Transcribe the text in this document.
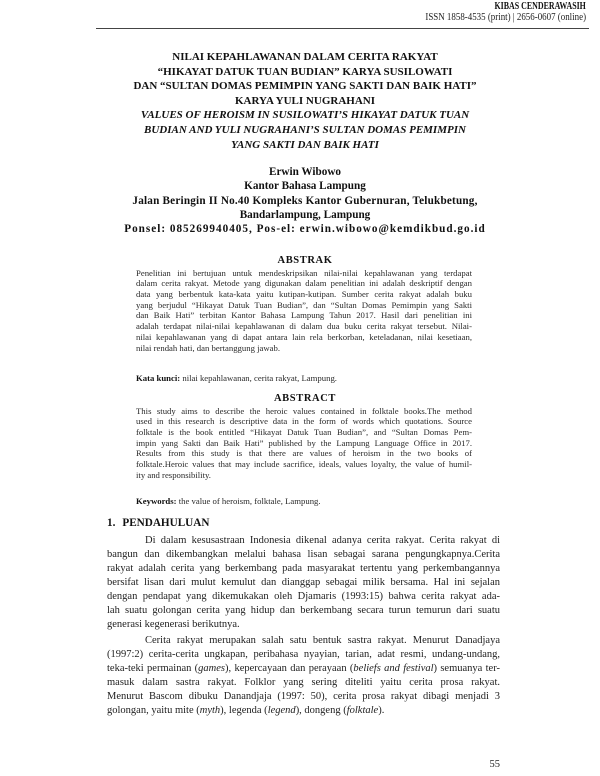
KIBAS CENDERAWASIH
ISSN 1858-4535 (print) | 2656-0607 (online)
NILAI KEPAHLAWANAN DALAM CERITA RAKYAT
“HIKAYAT DATUK TUAN BUDIAN” KARYA SUSILOWATI
DAN “SULTAN DOMAS PEMIMPIN YANG SAKTI DAN BAIK HATI”
KARYA YULI NUGRAHANI
VALUES OF HEROISM IN SUSILOWATI’S HIKAYAT DATUK TUAN
BUDIAN AND YULI NUGRAHANI’S SULTAN DOMAS PEMIMPIN
YANG SAKTI DAN BAIK HATI
Erwin Wibowo
Kantor Bahasa Lampung
Jalan Beringin II No.40 Kompleks Kantor Gubernuran, Telukbetung,
Bandarlampung, Lampung
Ponsel: 085269940405, Pos-el: erwin.wibowo@kemdikbud.go.id
ABSTRAK
Penelitian ini bertujuan untuk mendeskripsikan nilai-nilai kepahlawanan yang terdapat
dalam cerita rakyat. Metode yang digunakan dalam penelitian ini adalah deskriptif dengan
data yang berbentuk kata-kata yaitu kutipan-kutipan. Sumber cerita rakyat adalah buku
yang berjudul “Hikayat Datuk Tuan Budian”, dan “Sultan Domas Pemimpin yang Sakti
dan Baik Hati” terbitan Kantor Bahasa Lampung Tahun 2017. Hasil dari penelitian ini
adalah terdapat nilai-nilai kepahlawanan di dalam dua buku cerita rakyat tersebut. Nilai-
nilai kepahlawanan yang di dapat antara lain rela berkorban, keteladanan, nilai kesetiaan,
nilai rendah hati, dan bertanggung jawab.
Kata kunci: nilai kepahlawanan, cerita rakyat, Lampung.
ABSTRACT
This study aims to describe the heroic values contained in folktale books.The method
used in this research is descriptive data in the form of words which quotations. Source
folktale is the book entitled “Hikayat Datuk Tuan Budian”, and “Sultan Domas Pem-
impin yang Sakti dan Baik Hati” published by the Lampung Language Office in 2017.
Results from this study is that there are values of heroism in the two books of
folktale.Heroic values that may include sacrifice, ideals, values loyalty, the value of humil-
ity and responsibility.
Keywords: the value of heroism, folktale, Lampung.
1. PENDAHULUAN
Di dalam kesusastraan Indonesia dikenal adanya cerita rakyat. Cerita rakyat di
bangun dan dikembangkan melalui bahasa lisan sebagai sarana pengungkapnya.Cerita
rakyat adalah cerita yang berkembang pada masyarakat tertentu yang perkembangannya
bersifat lisan dari mulut kemulut dan dianggap sebagai milik bersama. Hal ini sejalan
dengan pendapat yang dikemukakan oleh Djamaris (1993:15) bahwa cerita rakyat ada-
lah suatu golongan cerita yang hidup dan berkembang secara turun temurun dari suatu
generasi kegenerasi berikutnya.
Cerita rakyat merupakan salah satu bentuk sastra rakyat. Menurut Danadjaya
(1997:2) cerita-cerita ungkapan, peribahasa nyayian, tarian, adat resmi, undang-undang,
teka-teki permainan (games), kepercayaan dan perayaan (beliefs and festival) semuanya ter-
masuk dalam sastra rakyat. Folklor yang sering diteliti yaitu cerita prosa rakyat.
Menurut Bascom dibuku Danandjaja (1997: 50), cerita prosa rakyat dibagi menjadi 3
golongan, yaitu mite (myth), legenda (legend), dongeng (folktale).
55
